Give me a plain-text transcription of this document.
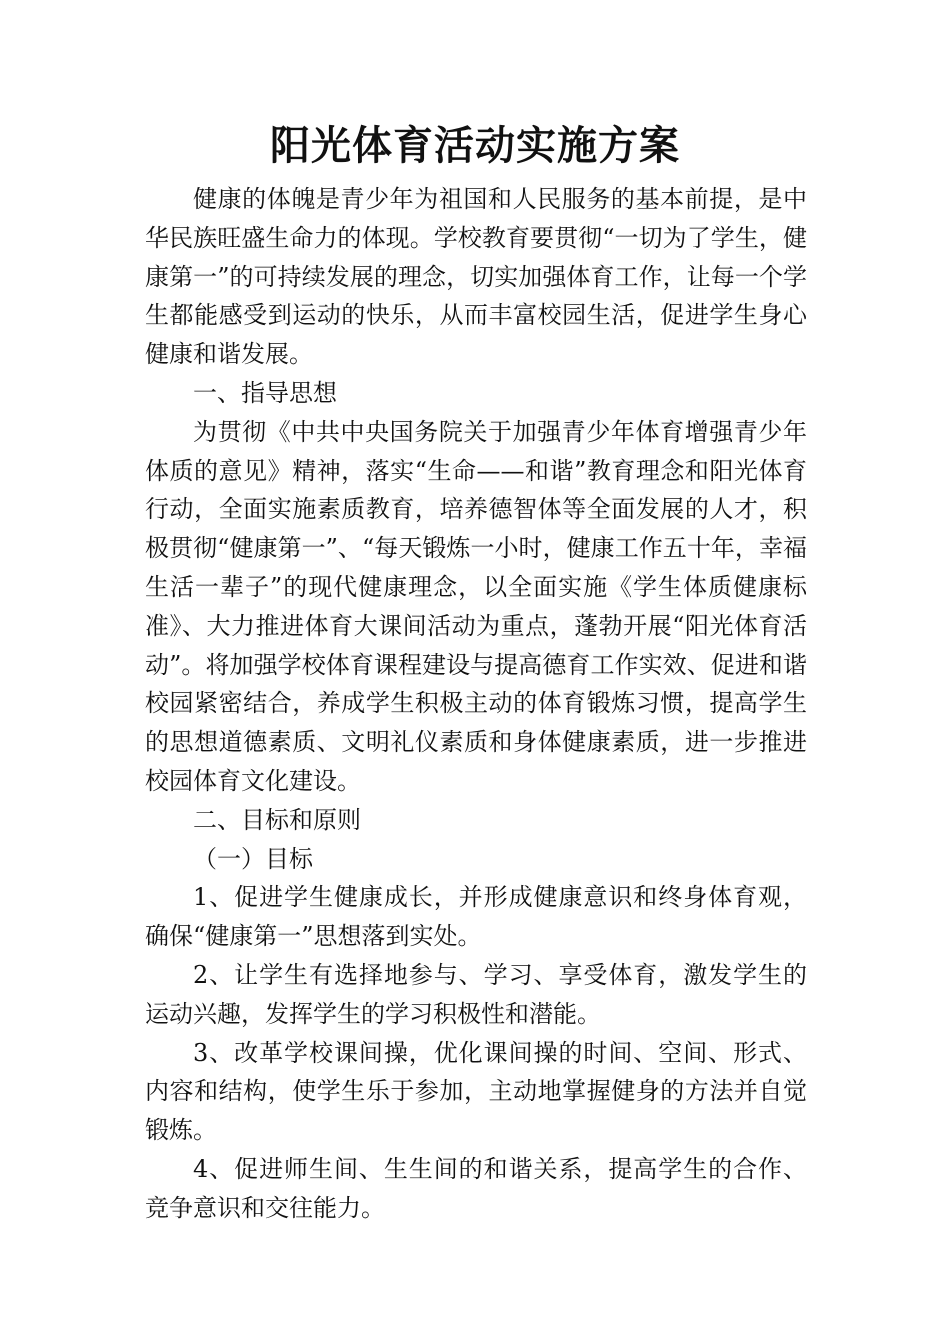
阳光体育活动实施方案

健康的体魄是青少年为祖国和人民服务的基本前提，是中华民族旺盛生命力的体现。学校教育要贯彻“一切为了学生，健康第一”的可持续发展的理念，切实加强体育工作，让每一个学生都能感受到运动的快乐，从而丰富校园生活，促进学生身心健康和谐发展。

一、指导思想

为贯彻《中共中央国务院关于加强青少年体育增强青少年体质的意见》精神，落实“生命——和谐”教育理念和阳光体育行动，全面实施素质教育，培养德智体等全面发展的人才，积极贯彻“健康第一”、“每天锻炼一小时，健康工作五十年，幸福生活一辈子”的现代健康理念，以全面实施《学生体质健康标准》、大力推进体育大课间活动为重点，蓬勃开展“阳光体育活动”。将加强学校体育课程建设与提高德育工作实效、促进和谐校园紧密结合，养成学生积极主动的体育锻炼习惯，提高学生的思想道德素质、文明礼仪素质和身体健康素质，进一步推进校园体育文化建设。

二、目标和原则

（一）目标

1、促进学生健康成长，并形成健康意识和终身体育观，确保“健康第一”思想落到实处。

2、让学生有选择地参与、学习、享受体育，激发学生的运动兴趣，发挥学生的学习积极性和潜能。

3、改革学校课间操，优化课间操的时间、空间、形式、内容和结构，使学生乐于参加，主动地掌握健身的方法并自觉锻炼。

4、促进师生间、生生间的和谐关系，提高学生的合作、竞争意识和交往能力。
